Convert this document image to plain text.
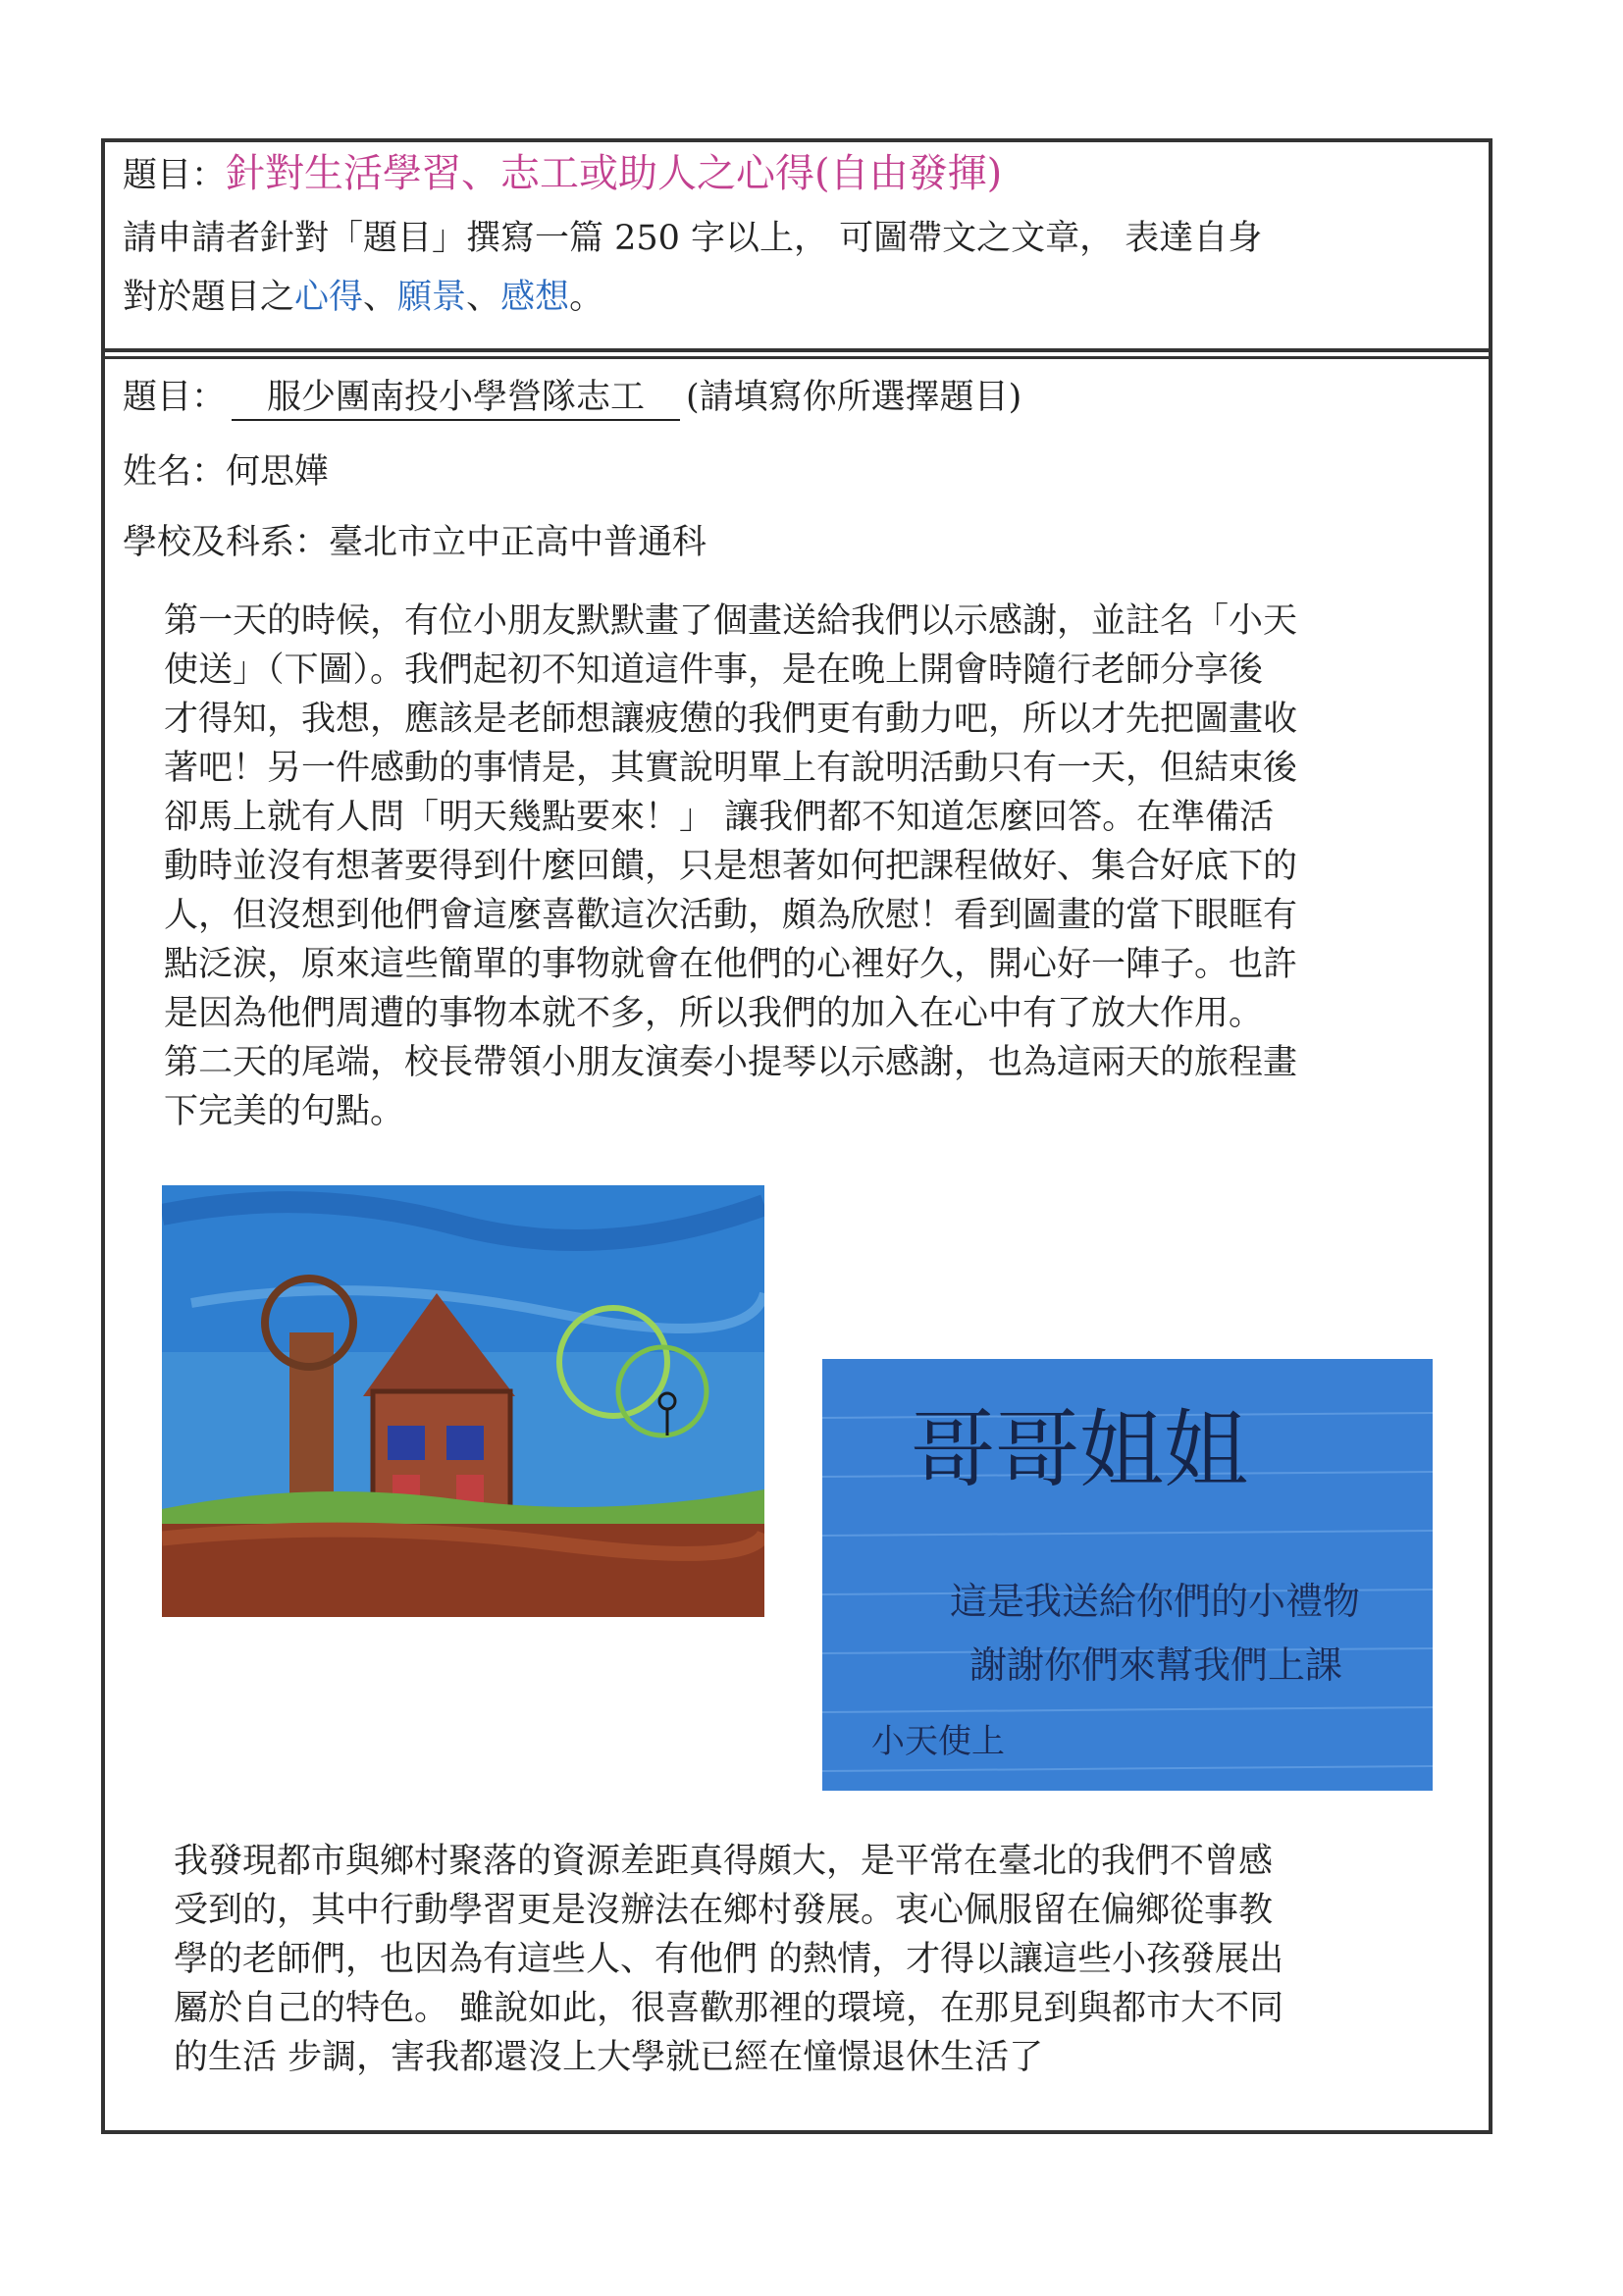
題目：針對生活學習、志工或助人之心得(自由發揮)
請申請者針對「題目」撰寫一篇 250 字以上， 可圖帶文之文章， 表達自身
對於題目之心得、願景、感想。
題目： 服少團南投小學營隊志工 (請填寫你所選擇題目)
姓名：何思嬅
學校及科系：臺北市立中正高中普通科

第一天的時候，有位小朋友默默畫了個畫送給我們以示感謝，並註名「小天

使送」（下圖）。我們起初不知道這件事，是在晚上開會時隨行老師分享後

才得知，我想，應該是老師想讓疲憊的我們更有動力吧，所以才先把圖畫收

著吧！另一件感動的事情是，其實說明單上有說明活動只有一天，但結束後

卻馬上就有人問「明天幾點要來！」 讓我們都不知道怎麼回答。在準備活

動時並沒有想著要得到什麼回饋，只是想著如何把課程做好、集合好底下的

人，但沒想到他們會這麼喜歡這次活動，頗為欣慰！看到圖畫的當下眼眶有

點泛淚，原來這些簡單的事物就會在他們的心裡好久，開心好一陣子。也許

是因為他們周遭的事物本就不多，所以我們的加入在心中有了放大作用。

第二天的尾端，校長帶領小朋友演奏小提琴以示感謝，也為這兩天的旅程畫

下完美的句點。

哥哥姐姐
這是我送給你們的小禮物
謝謝你們來幫我們上課
小天使上

我發現都市與鄉村聚落的資源差距真得頗大，是平常在臺北的我們不曾感

受到的，其中行動學習更是沒辦法在鄉村發展。衷心佩服留在偏鄉從事教

學的老師們，也因為有這些人、有他們 的熱情，才得以讓這些小孩發展出

屬於自己的特色。 雖說如此，很喜歡那裡的環境，在那見到與都市大不同

的生活 步調，害我都還沒上大學就已經在憧憬退休生活了
